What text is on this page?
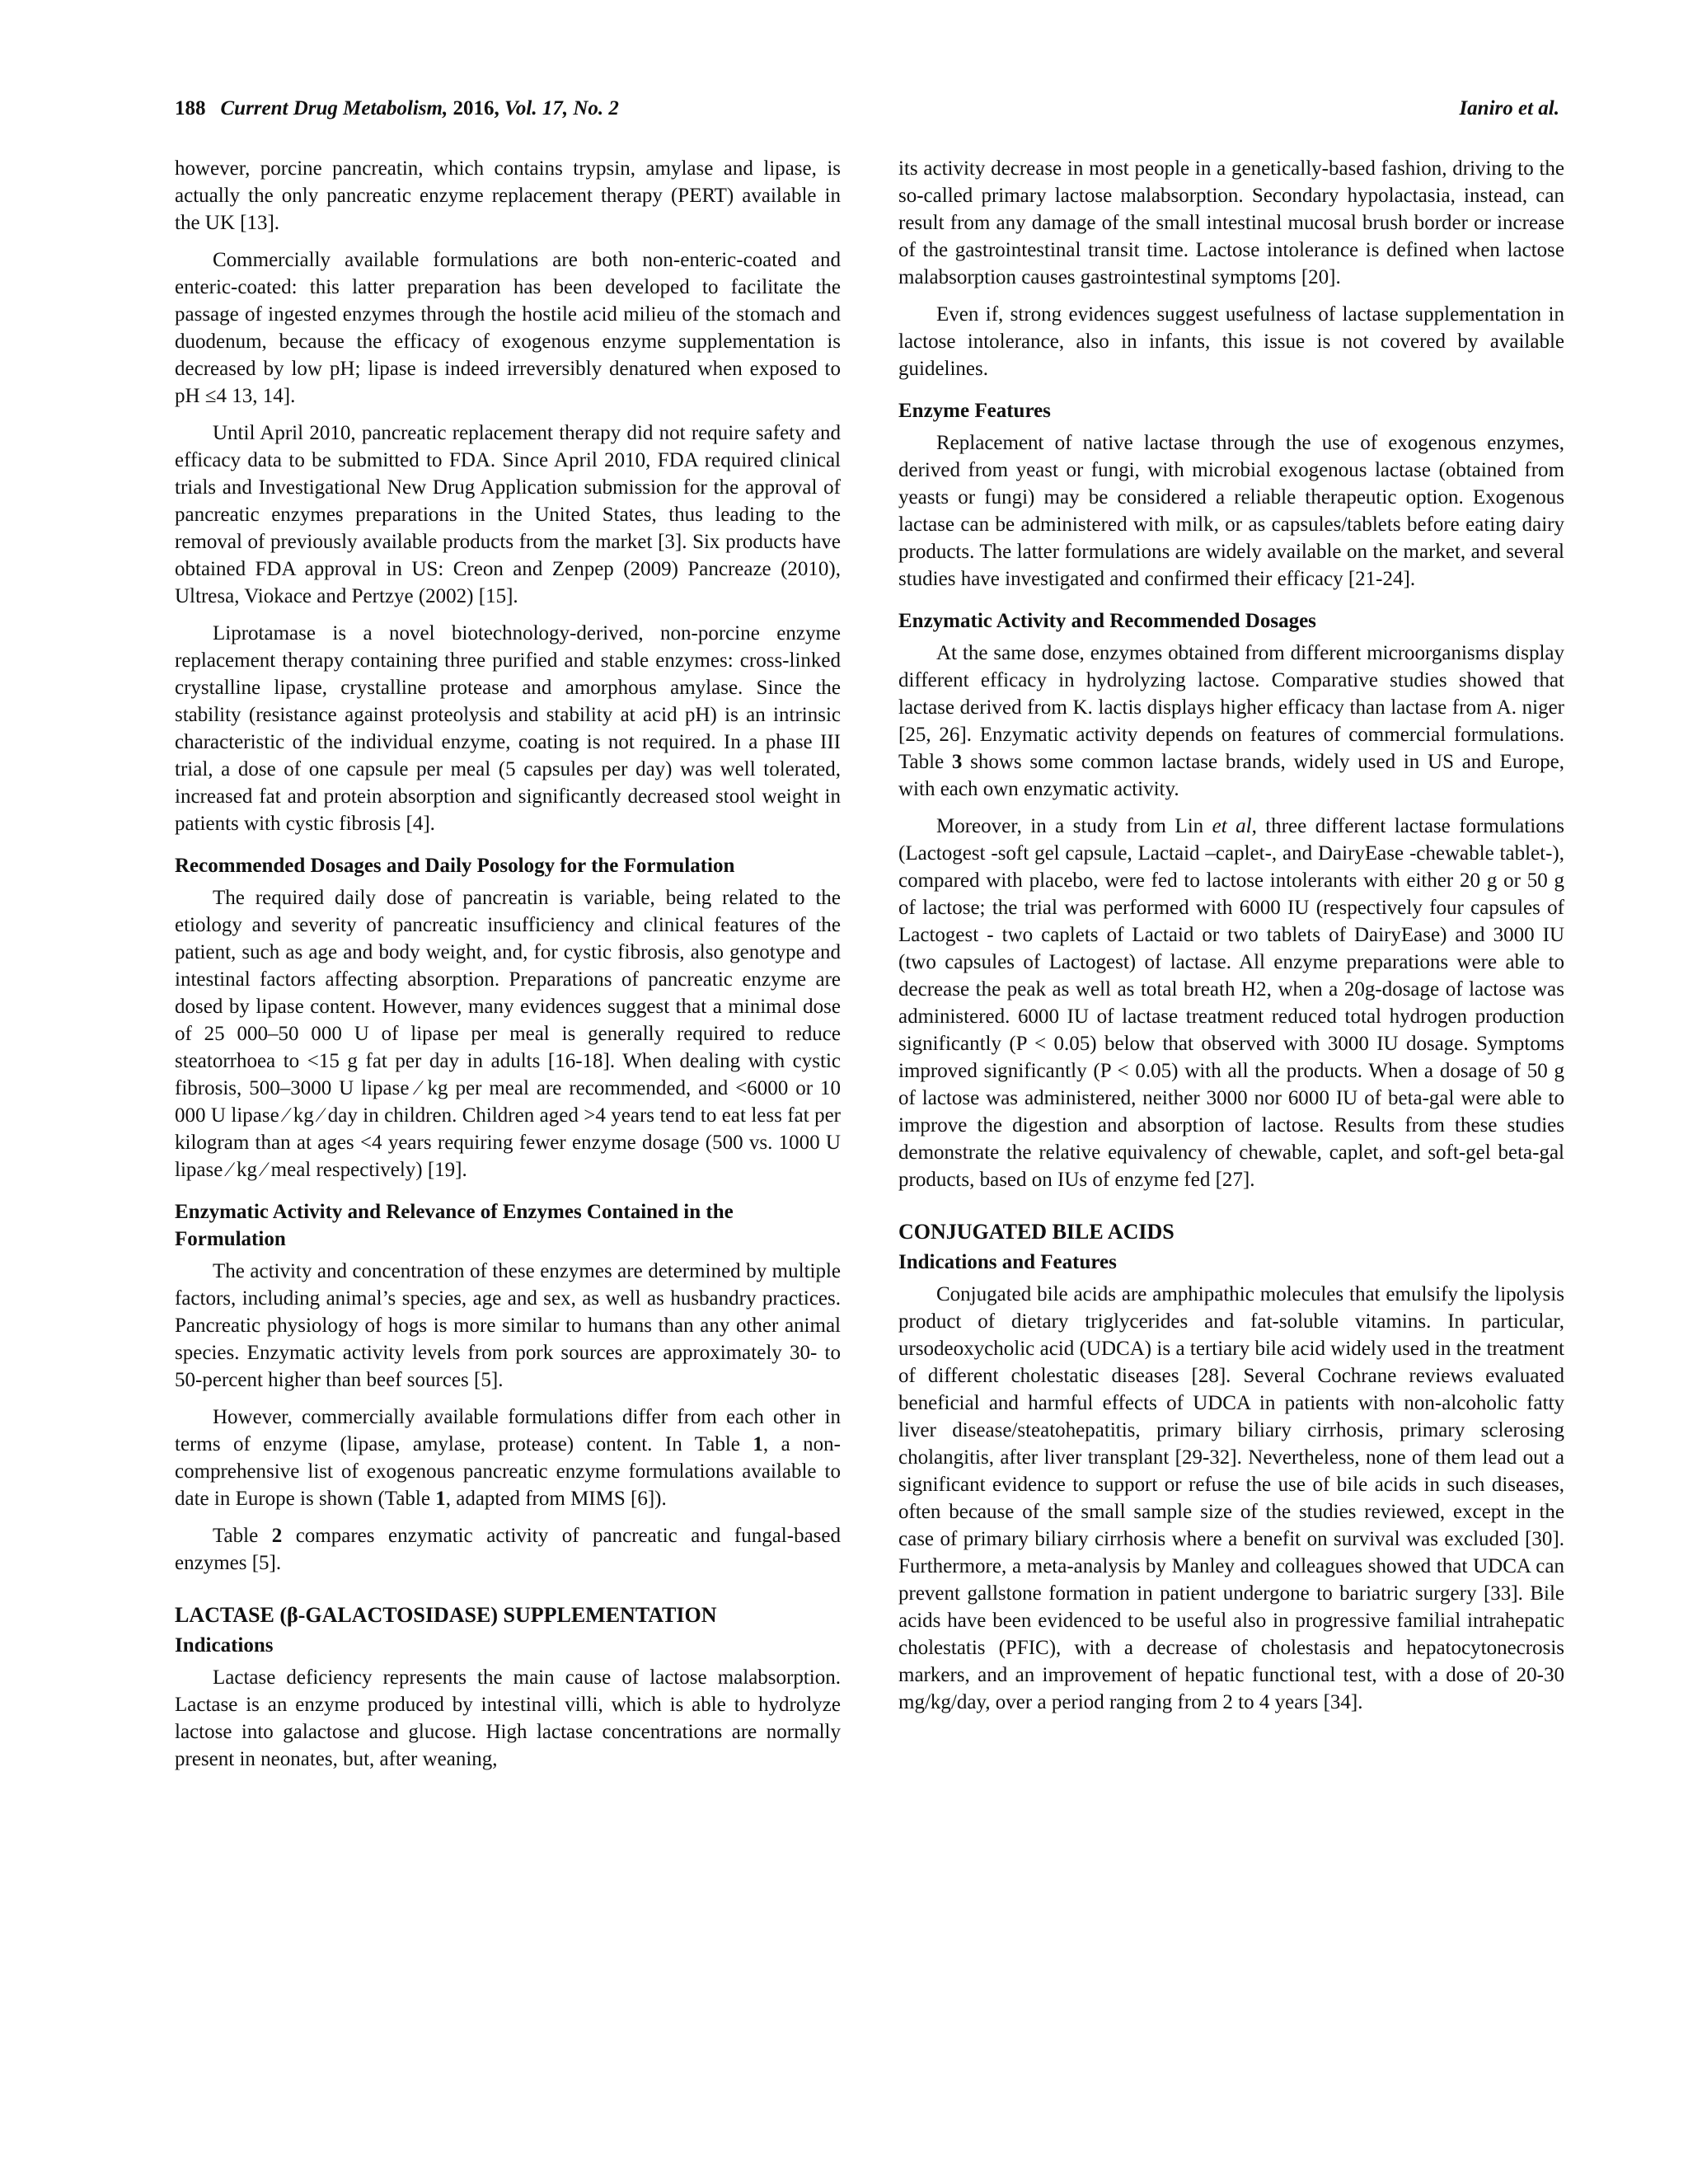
188 Current Drug Metabolism, 2016, Vol. 17, No. 2	Ianiro et al.

however, porcine pancreatin, which contains trypsin, amylase and lipase, is actually the only pancreatic enzyme replacement therapy (PERT) available in the UK [13].

Commercially available formulations are both non-enteric-coated and enteric-coated: this latter preparation has been developed to facilitate the passage of ingested enzymes through the hostile acid milieu of the stomach and duodenum, because the efficacy of exogenous enzyme supplementation is decreased by low pH; lipase is indeed irreversibly denatured when exposed to pH ≤4 13, 14].

Until April 2010, pancreatic replacement therapy did not require safety and efficacy data to be submitted to FDA. Since April 2010, FDA required clinical trials and Investigational New Drug Application submission for the approval of pancreatic enzymes preparations in the United States, thus leading to the removal of previously available products from the market [3]. Six products have obtained FDA approval in US: Creon and Zenpep (2009) Pancreaze (2010), Ultresa, Viokace and Pertzye (2002) [15].

Liprotamase is a novel biotechnology-derived, non-porcine enzyme replacement therapy containing three purified and stable enzymes: cross-linked crystalline lipase, crystalline protease and amorphous amylase. Since the stability (resistance against proteolysis and stability at acid pH) is an intrinsic characteristic of the individual enzyme, coating is not required. In a phase III trial, a dose of one capsule per meal (5 capsules per day) was well tolerated, increased fat and protein absorption and significantly decreased stool weight in patients with cystic fibrosis [4].

Recommended Dosages and Daily Posology for the Formulation

The required daily dose of pancreatin is variable, being related to the etiology and severity of pancreatic insufficiency and clinical features of the patient, such as age and body weight, and, for cystic fibrosis, also genotype and intestinal factors affecting absorption. Preparations of pancreatic enzyme are dosed by lipase content. However, many evidences suggest that a minimal dose of 25 000–50 000 U of lipase per meal is generally required to reduce steatorrhoea to <15 g fat per day in adults [16-18]. When dealing with cystic fibrosis, 500–3000 U lipase ⁄ kg per meal are recommended, and <6000 or 10 000 U lipase ⁄ kg ⁄ day in children. Children aged >4 years tend to eat less fat per kilogram than at ages <4 years requiring fewer enzyme dosage (500 vs. 1000 U lipase ⁄ kg ⁄ meal respectively) [19].

Enzymatic Activity and Relevance of Enzymes Contained in the Formulation

The activity and concentration of these enzymes are determined by multiple factors, including animal’s species, age and sex, as well as husbandry practices. Pancreatic physiology of hogs is more similar to humans than any other animal species. Enzymatic activity levels from pork sources are approximately 30- to 50-percent higher than beef sources [5].

However, commercially available formulations differ from each other in terms of enzyme (lipase, amylase, protease) content. In Table 1, a non-comprehensive list of exogenous pancreatic enzyme formulations available to date in Europe is shown (Table 1, adapted from MIMS [6]).

Table 2 compares enzymatic activity of pancreatic and fungal-based enzymes [5].

LACTASE (β-GALACTOSIDASE) SUPPLEMENTATION
Indications

Lactase deficiency represents the main cause of lactose malabsorption. Lactase is an enzyme produced by intestinal villi, which is able to hydrolyze lactose into galactose and glucose. High lactase concentrations are normally present in neonates, but, after weaning,

its activity decrease in most people in a genetically-based fashion, driving to the so-called primary lactose malabsorption. Secondary hypolactasia, instead, can result from any damage of the small intestinal mucosal brush border or increase of the gastrointestinal transit time. Lactose intolerance is defined when lactose malabsorption causes gastrointestinal symptoms [20].

Even if, strong evidences suggest usefulness of lactase supplementation in lactose intolerance, also in infants, this issue is not covered by available guidelines.

Enzyme Features

Replacement of native lactase through the use of exogenous enzymes, derived from yeast or fungi, with microbial exogenous lactase (obtained from yeasts or fungi) may be considered a reliable therapeutic option. Exogenous lactase can be administered with milk, or as capsules/tablets before eating dairy products. The latter formulations are widely available on the market, and several studies have investigated and confirmed their efficacy [21-24].

Enzymatic Activity and Recommended Dosages

At the same dose, enzymes obtained from different microorganisms display different efficacy in hydrolyzing lactose. Comparative studies showed that lactase derived from K. lactis displays higher efficacy than lactase from A. niger [25, 26]. Enzymatic activity depends on features of commercial formulations. Table 3 shows some common lactase brands, widely used in US and Europe, with each own enzymatic activity.

Moreover, in a study from Lin et al, three different lactase formulations (Lactogest -soft gel capsule, Lactaid –caplet-, and DairyEase -chewable tablet-), compared with placebo, were fed to lactose intolerants with either 20 g or 50 g of lactose; the trial was performed with 6000 IU (respectively four capsules of Lactogest - two caplets of Lactaid or two tablets of DairyEase) and 3000 IU (two capsules of Lactogest) of lactase. All enzyme preparations were able to decrease the peak as well as total breath H2, when a 20g-dosage of lactose was administered. 6000 IU of lactase treatment reduced total hydrogen production significantly (P < 0.05) below that observed with 3000 IU dosage. Symptoms improved significantly (P < 0.05) with all the products. When a dosage of 50 g of lactose was administered, neither 3000 nor 6000 IU of beta-gal were able to improve the digestion and absorption of lactose. Results from these studies demonstrate the relative equivalency of chewable, caplet, and soft-gel beta-gal products, based on IUs of enzyme fed [27].

CONJUGATED BILE ACIDS
Indications and Features

Conjugated bile acids are amphipathic molecules that emulsify the lipolysis product of dietary triglycerides and fat-soluble vitamins. In particular, ursodeoxycholic acid (UDCA) is a tertiary bile acid widely used in the treatment of different cholestatic diseases [28]. Several Cochrane reviews evaluated beneficial and harmful effects of UDCA in patients with non-alcoholic fatty liver disease/steatohepatitis, primary biliary cirrhosis, primary sclerosing cholangitis, after liver transplant [29-32]. Nevertheless, none of them lead out a significant evidence to support or refuse the use of bile acids in such diseases, often because of the small sample size of the studies reviewed, except in the case of primary biliary cirrhosis where a benefit on survival was excluded [30]. Furthermore, a meta-analysis by Manley and colleagues showed that UDCA can prevent gallstone formation in patient undergone to bariatric surgery [33]. Bile acids have been evidenced to be useful also in progressive familial intrahepatic cholestatis (PFIC), with a decrease of cholestasis and hepatocytonecrosis markers, and an improvement of hepatic functional test, with a dose of 20-30 mg/kg/day, over a period ranging from 2 to 4 years [34].
